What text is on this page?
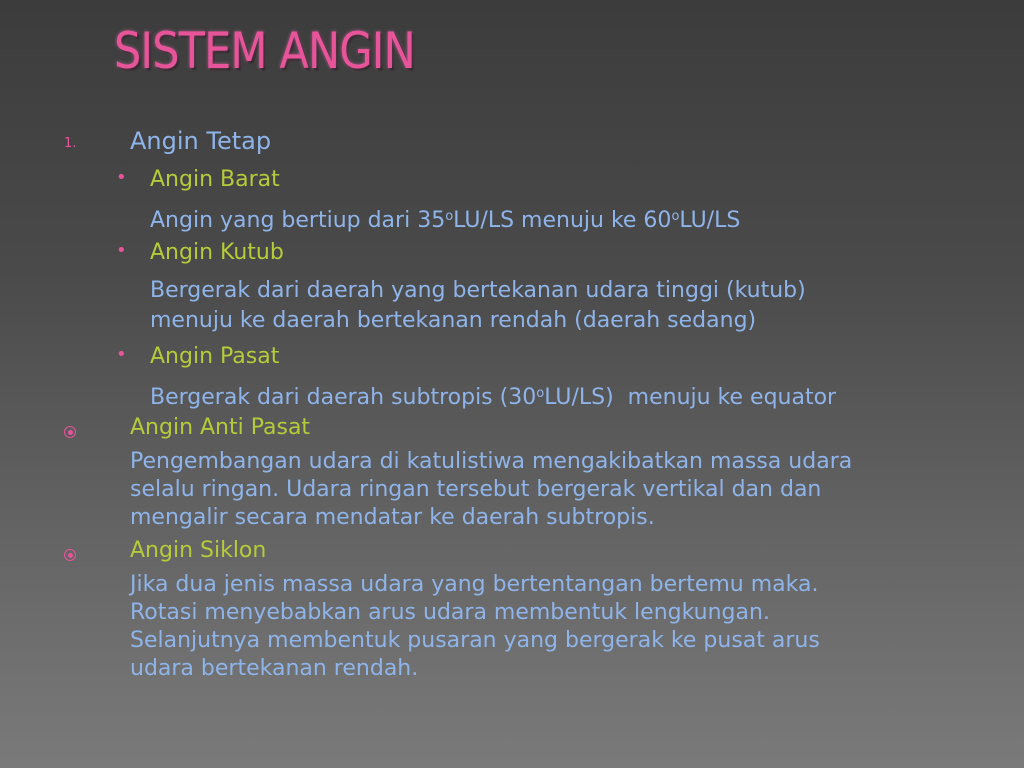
SISTEM ANGIN
1. Angin Tetap
• Angin Barat
Angin yang bertiup dari 35$^o$LU/LS menuju ke 60$^o$LU/LS
• Angin Kutub
Bergerak dari daerah yang bertekanan udara tinggi (kutub)
menuju ke daerah bertekanan rendah (daerah sedang)
• Angin Pasat
Bergerak dari daerah subtropis (30$^o$LU/LS)  menuju ke equator
Angin Anti Pasat
Pengembangan udara di katulistiwa mengakibatkan massa udara
selalu ringan. Udara ringan tersebut bergerak vertikal dan dan
mengalir secara mendatar ke daerah subtropis.
Angin Siklon
Jika dua jenis massa udara yang bertentangan bertemu maka.
Rotasi menyebabkan arus udara membentuk lengkungan.
Selanjutnya membentuk pusaran yang bergerak ke pusat arus
udara bertekanan rendah.
